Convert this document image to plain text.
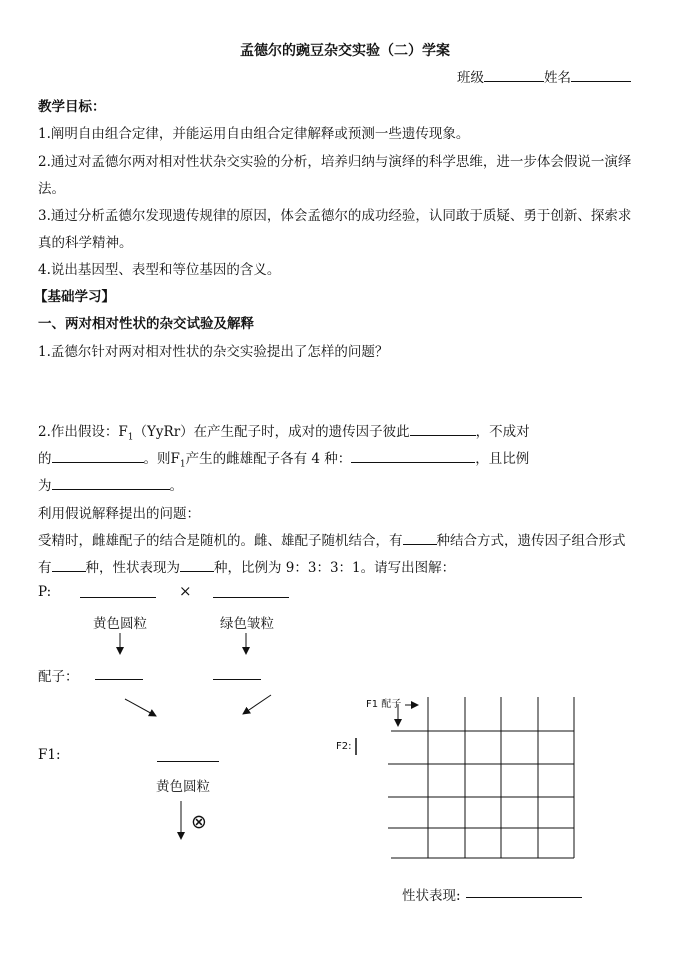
孟德尔的豌豆杂交实验（二）学案
班级	姓名
教学目标：
1.阐明自由组合定律，并能运用自由组合定律解释或预测一些遗传现象。
2.通过对孟德尔两对相对性状杂交实验的分析，培养归纳与演绎的科学思维，进一步体会假说一演绎
法。
3.通过分析孟德尔发现遗传规律的原因，体会孟德尔的成功经验，认同敢于质疑、勇于创新、探索求
真的科学精神。
4.说出基因型、表型和等位基因的含义。
【基础学习】
一、两对相对性状的杂交试验及解释
1.孟德尔针对两对相对性状的杂交实验提出了怎样的问题？
2.作出假设：$F_1(YyRr)$在产生配子时，成对的遗传因子彼此	，不成对
的	。则$F_1$产生的雌雄配子各有 4 种：	，且比例
为	。
利用假说解释提出的问题：
受精时，雌雄配子的结合是随机的。雌、雄配子随机结合，有	种结合方式，遗传因子组合形式
有	种，性状表现为	种，比例为 9：3：3：1。请写出图解：
P:	×
黄色圆粒	绿色皱粒
配子：
F1:
黄色圆粒
⊗
F1 配子
F2:
性状表现:
